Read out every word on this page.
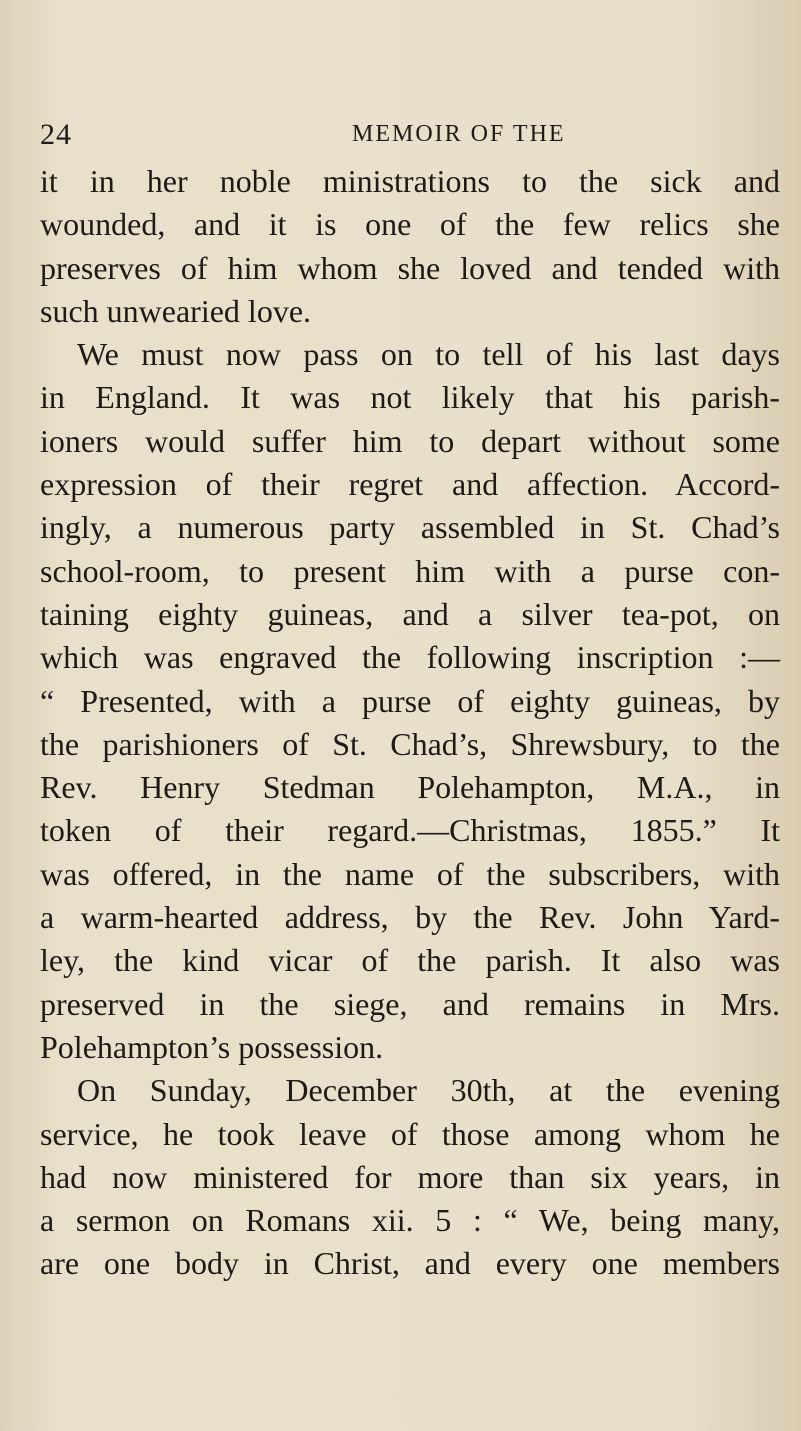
24	MEMOIR OF THE
it in her noble ministrations to the sick and
wounded, and it is one of the few relics she
preserves of him whom she loved and tended with
such unwearied love.
We must now pass on to tell of his last days
in England. It was not likely that his parish-
ioners would suffer him to depart without some
expression of their regret and affection. Accord-
ingly, a numerous party assembled in St. Chad’s
school-room, to present him with a purse con-
taining eighty guineas, and a silver tea-pot, on
which was engraved the following inscription :—
“ Presented, with a purse of eighty guineas, by
the parishioners of St. Chad’s, Shrewsbury, to the
Rev. Henry Stedman Polehampton, M.A., in
token of their regard.—Christmas, 1855.” It
was offered, in the name of the subscribers, with
a warm-hearted address, by the Rev. John Yard-
ley, the kind vicar of the parish. It also was
preserved in the siege, and remains in Mrs.
Polehampton’s possession.
On Sunday, December 30th, at the evening
service, he took leave of those among whom he
had now ministered for more than six years, in
a sermon on Romans xii. 5 : “ We, being many,
are one body in Christ, and every one members
